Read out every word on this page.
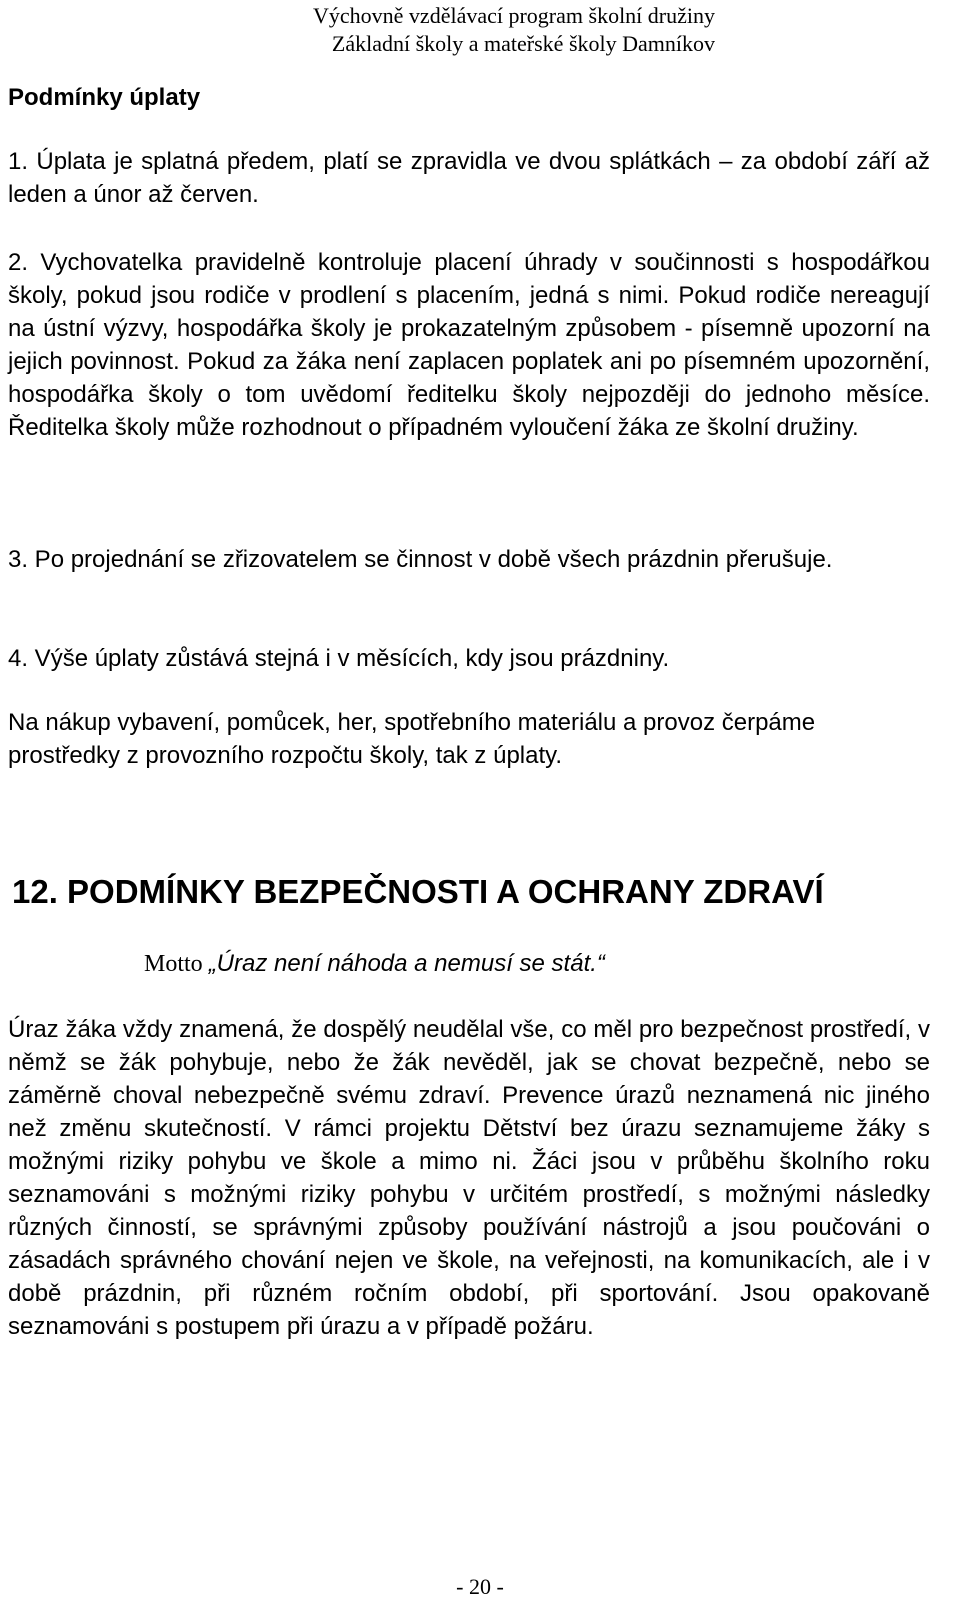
Výchovně vzdělávací program školní družiny
Základní školy a mateřské školy Damníkov
Podmínky úplaty
1. Úplata je splatná předem, platí se zpravidla ve dvou splátkách – za období září až leden a únor až červen.
2. Vychovatelka pravidelně kontroluje placení úhrady v součinnosti s hospodářkou školy, pokud jsou rodiče v prodlení s placením, jedná s nimi. Pokud rodiče nereagují na ústní výzvy, hospodářka školy je prokazatelným způsobem - písemně upozorní na jejich povinnost. Pokud za žáka není zaplacen poplatek ani po písemném upozornění, hospodářka školy o tom uvědomí ředitelku školy nejpozději do jednoho měsíce. Ředitelka školy může rozhodnout o případném vyloučení žáka ze školní družiny.
3. Po projednání se zřizovatelem se činnost v době všech prázdnin přerušuje.
4. Výše úplaty zůstává stejná i v měsících, kdy jsou prázdniny.
Na nákup vybavení, pomůcek, her, spotřebního materiálu a provoz čerpáme prostředky z provozního rozpočtu školy, tak z úplaty.
12. PODMÍNKY BEZPEČNOSTI A OCHRANY ZDRAVÍ
Motto „Úraz není náhoda a nemusí se stát.“
Úraz žáka vždy znamená, že dospělý neudělal vše, co měl pro bezpečnost prostředí, v němž se žák pohybuje, nebo že žák nevěděl, jak se chovat bezpečně, nebo se záměrně choval nebezpečně svému zdraví. Prevence úrazů neznamená nic jiného než změnu skutečností. V rámci projektu Dětství bez úrazu seznamujeme žáky s možnými riziky pohybu ve škole a mimo ni. Žáci jsou v průběhu školního roku seznamováni s možnými riziky pohybu v určitém prostředí, s možnými následky různých činností, se správnými způsoby používání nástrojů a jsou poučováni o zásadách správného chování nejen ve škole, na veřejnosti, na komunikacích, ale i v době prázdnin, při různém ročním období, při sportování. Jsou opakovaně seznamováni s postupem při úrazu a v případě požáru.
- 20 -
